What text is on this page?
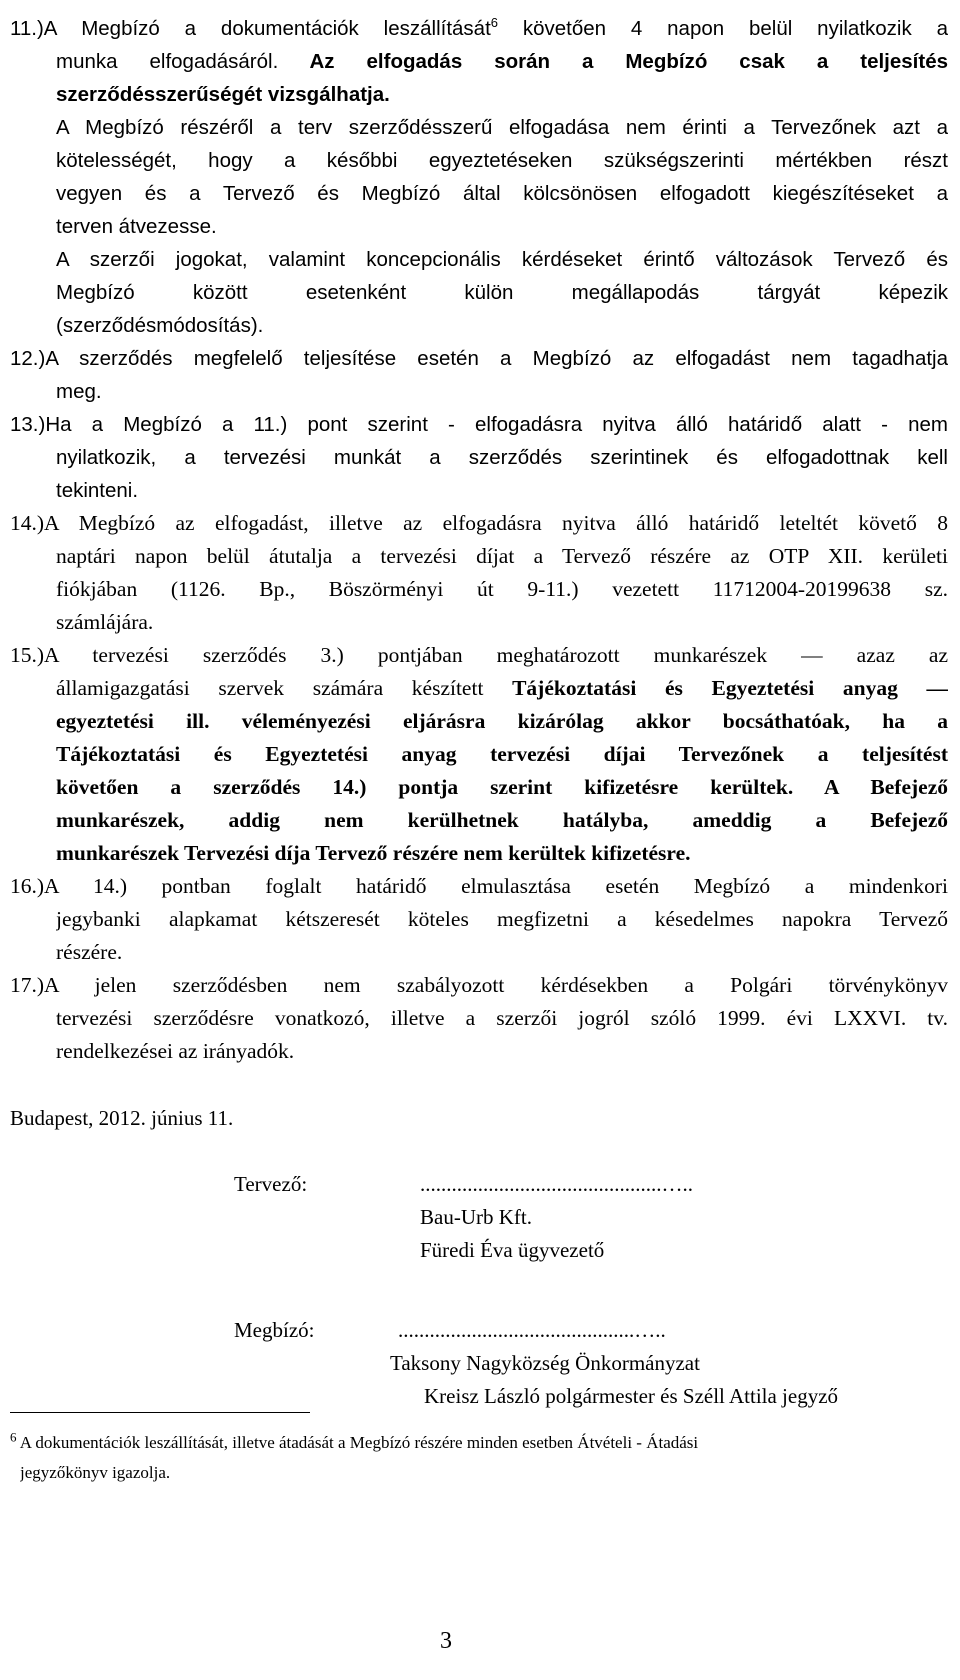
11.)A Megbízó a dokumentációk leszállítását$^6$ követően 4 napon belül nyilatkozik a
munka elfogadásáról. Az elfogadás során a Megbízó csak a teljesítés
szerződésszerűségét vizsgálhatja.
A Megbízó részéről a terv szerződésszerű elfogadása nem érinti a Tervezőnek azt a
kötelességét, hogy a későbbi egyeztetéseken szükségszerinti mértékben részt
vegyen és a Tervező és Megbízó által kölcsönösen elfogadott kiegészítéseket a
terven átvezesse.
A szerzői jogokat, valamint koncepcionális kérdéseket érintő változások Tervező és
Megbízó között esetenként külön megállapodás tárgyát képezik
(szerződésmódosítás).
12.)A szerződés megfelelő teljesítése esetén a Megbízó az elfogadást nem tagadhatja
meg.
13.)Ha a Megbízó a 11.) pont szerint - elfogadásra nyitva álló határidő alatt - nem
nyilatkozik, a tervezési munkát a szerződés szerintinek és elfogadottnak kell
tekinteni.
14.)A Megbízó az elfogadást, illetve az elfogadásra nyitva álló határidő leteltét követő 8
naptári napon belül átutalja a tervezési díjat a Tervező részére az OTP XII. kerületi
fiókjában (1126. Bp., Böszörményi út 9-11.) vezetett 11712004-20199638 sz.
számlájára.
15.)A tervezési szerződés 3.) pontjában meghatározott munkarészek — azaz az
államigazgatási szervek számára készített Tájékoztatási és Egyeztetési anyag —
egyeztetési ill. véleményezési eljárásra kizárólag akkor bocsáthatóak, ha a
Tájékoztatási és Egyeztetési anyag tervezési díjai Tervezőnek a teljesítést
követően a szerződés 14.) pontja szerint kifizetésre kerültek. A Befejező
munkarészek, addig nem kerülhetnek hatályba, ameddig a Befejező
munkarészek Tervezési díja Tervező részére nem kerültek kifizetésre.
16.)A 14.) pontban foglalt határidő elmulasztása esetén Megbízó a mindenkori
jegybanki alapkamat kétszeresét köteles megfizetni a késedelmes napokra Tervező
részére.
17.)A jelen szerződésben nem szabályozott kérdésekben a Polgári törvénykönyv
tervezési szerződésre vonatkozó, illetve a szerzői jogról szóló 1999. évi LXXVI. tv.
rendelkezései az irányadók.
Budapest, 2012. június 11.
Tervező:	..............................................…..
Bau-Urb Kft.
Füredi Éva ügyvezető
Megbízó:	.............................................…..
Taksony Nagyközség Önkormányzat
Kreisz László polgármester és Széll Attila jegyző
$^6$ A dokumentációk leszállítását, illetve átadását a Megbízó részére minden esetben Átvételi - Átadási
jegyzőkönyv igazolja.
3
